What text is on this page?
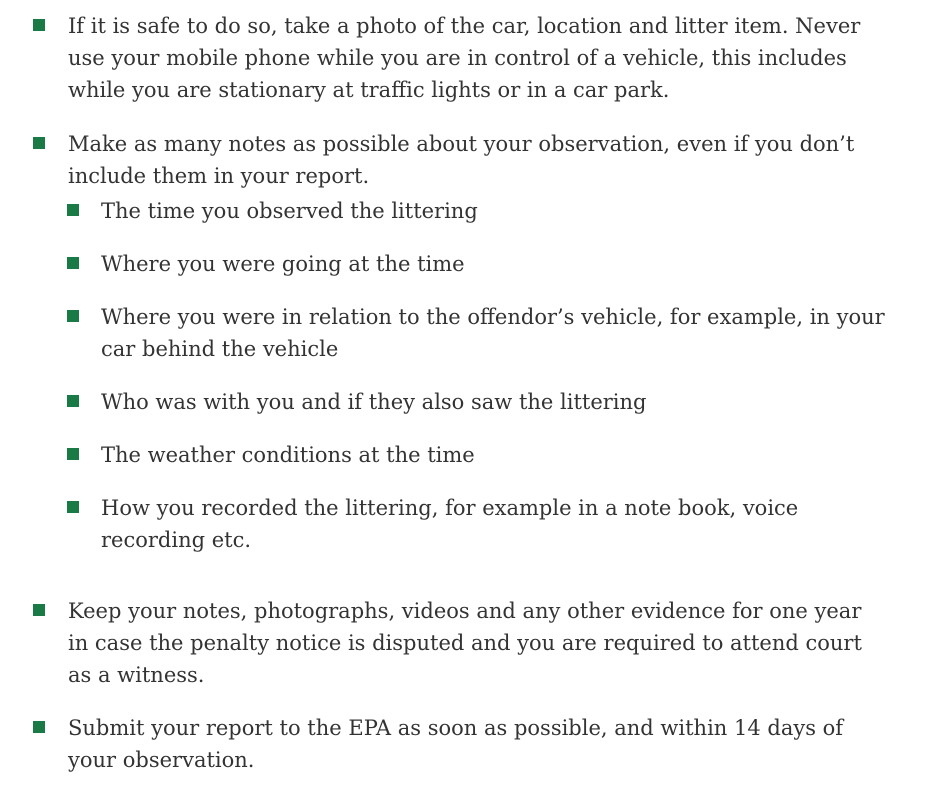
If it is safe to do so, take a photo of the car, location and litter item. Never use your mobile phone while you are in control of a vehicle, this includes while you are stationary at traffic lights or in a car park.

Make as many notes as possible about your observation, even if you don’t include them in your report.

The time you observed the littering

Where you were going at the time

Where you were in relation to the offendor’s vehicle, for example, in your car behind the vehicle

Who was with you and if they also saw the littering

The weather conditions at the time

How you recorded the littering, for example in a note book, voice recording etc.

Keep your notes, photographs, videos and any other evidence for one year in case the penalty notice is disputed and you are required to attend court as a witness.

Submit your report to the EPA as soon as possible, and within 14 days of your observation.
